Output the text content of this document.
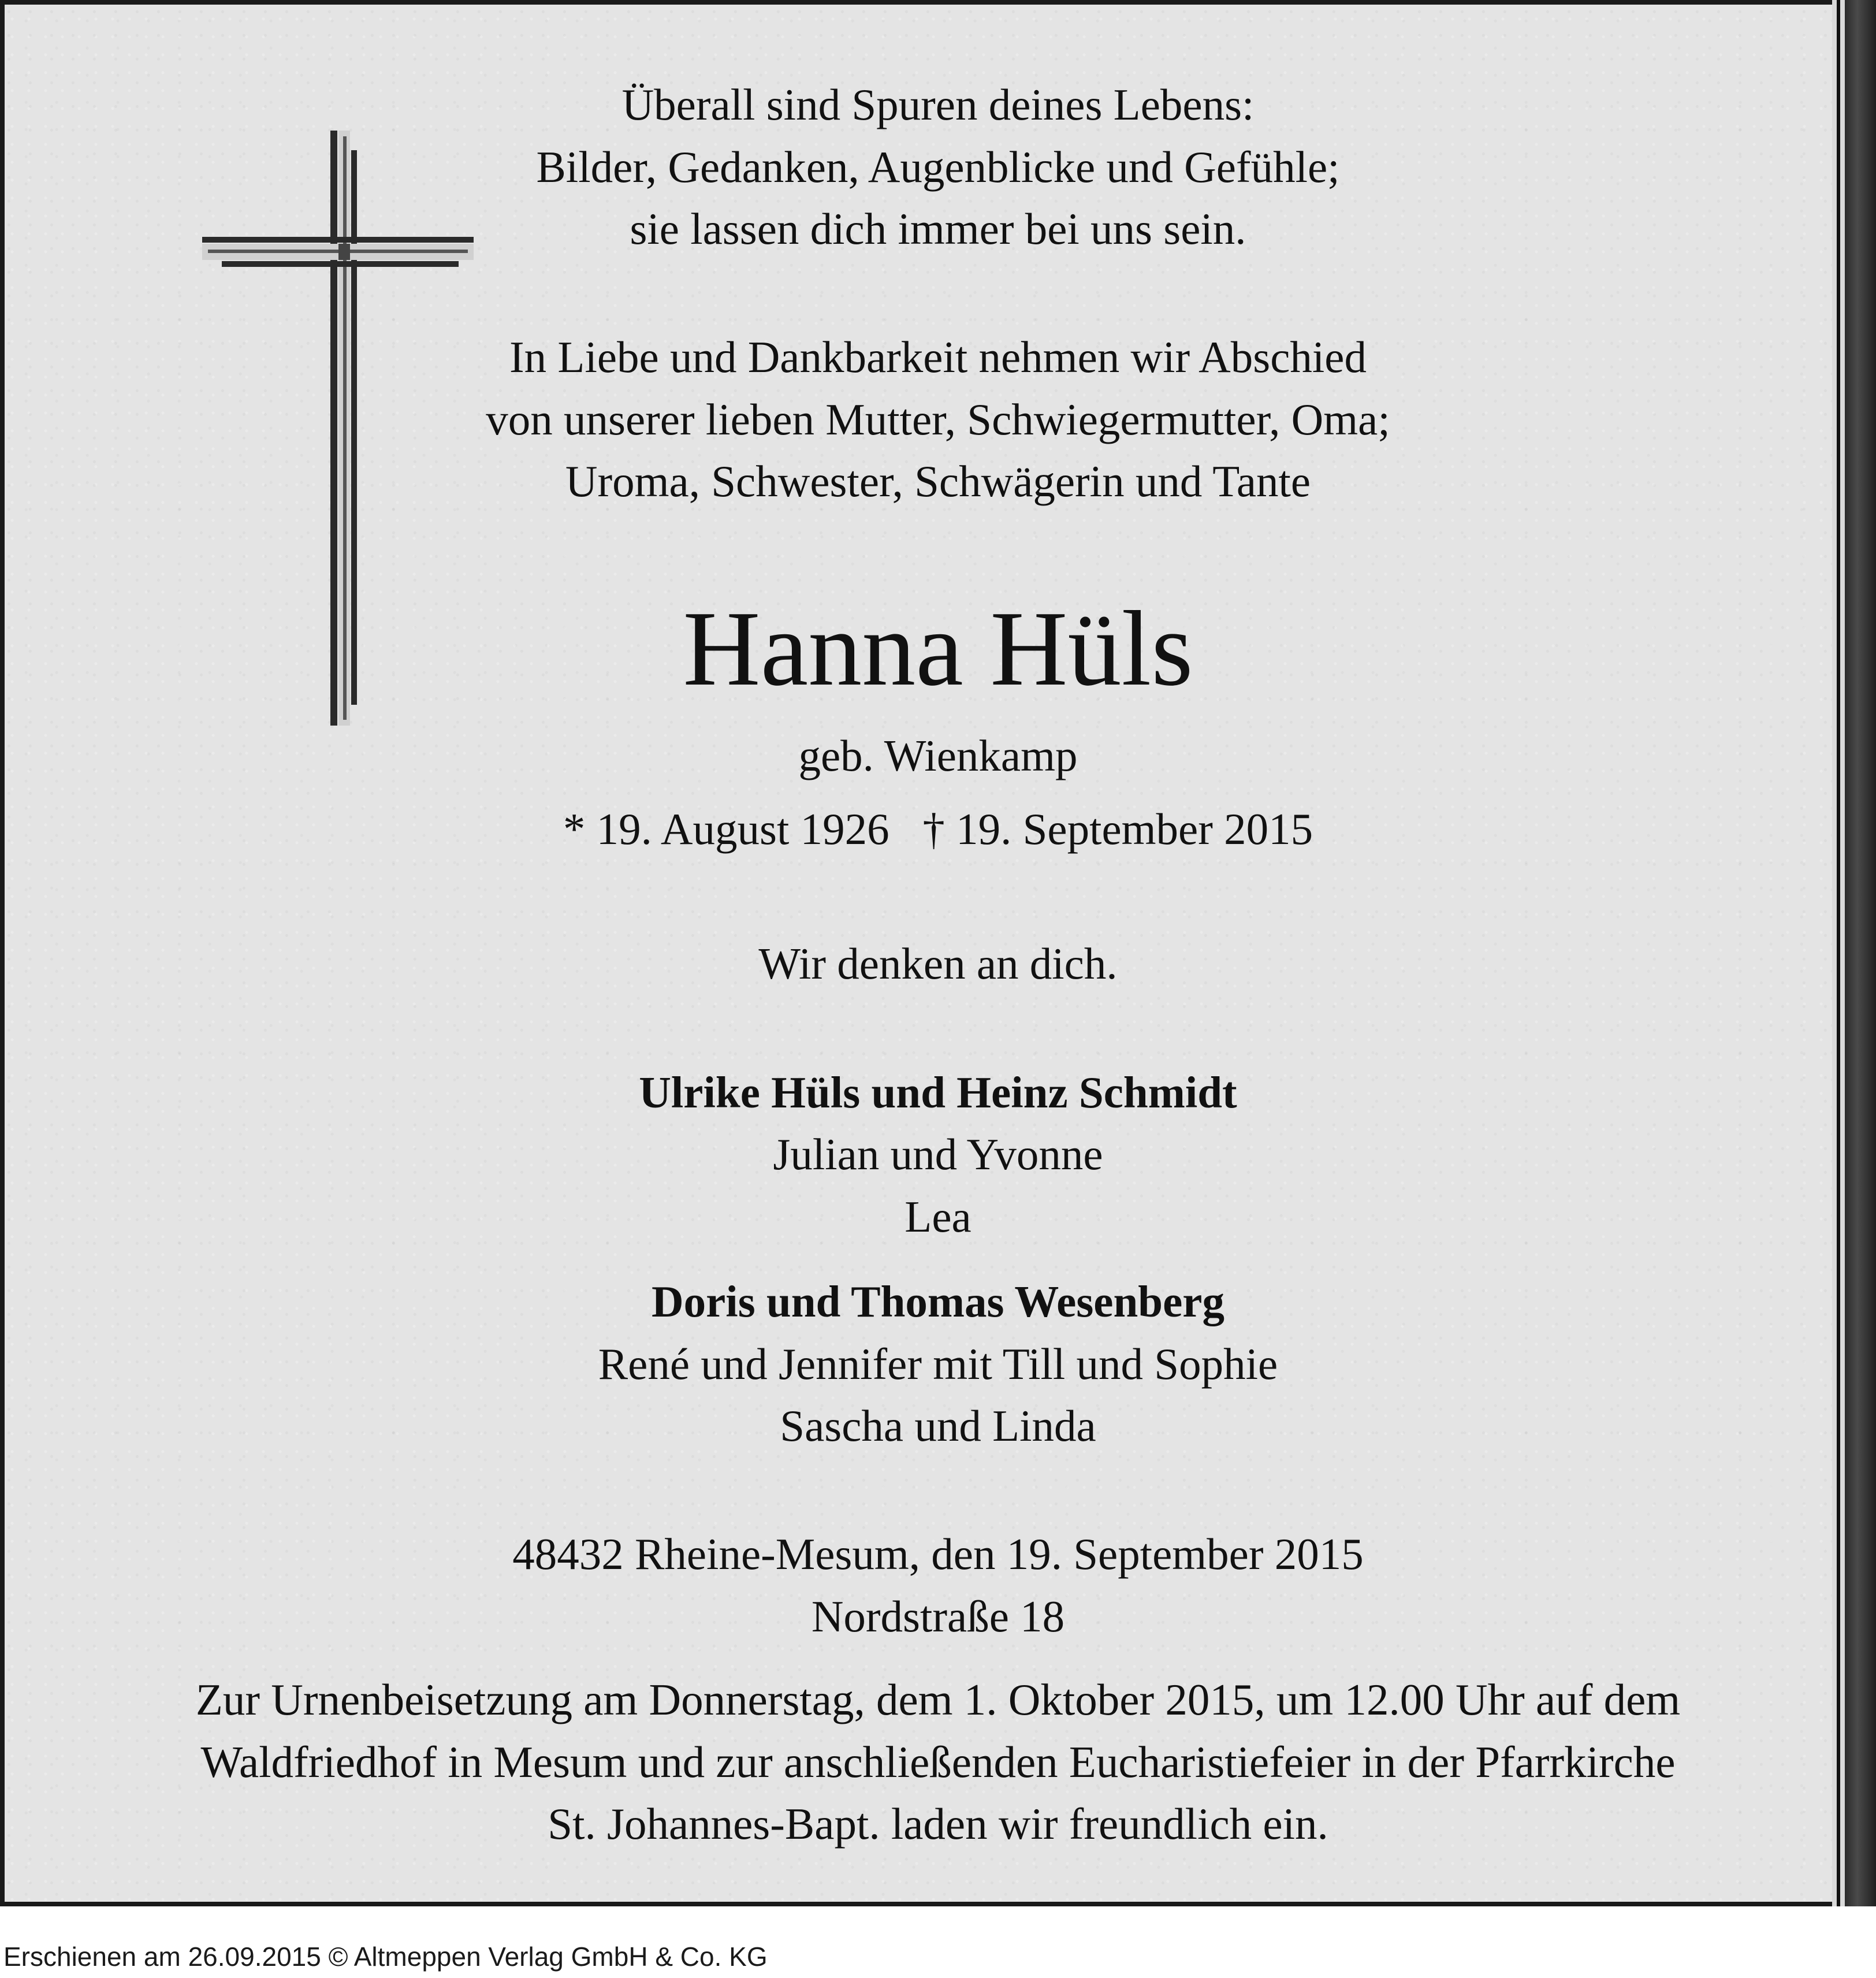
Überall sind Spuren deines Lebens:
Bilder, Gedanken, Augenblicke und Gefühle;
sie lassen dich immer bei uns sein.
In Liebe und Dankbarkeit nehmen wir Abschied
von unserer lieben Mutter, Schwiegermutter, Oma;
Uroma, Schwester, Schwägerin und Tante
Hanna Hüls
geb. Wienkamp
* 19. August 1926   † 19. September 2015
Wir denken an dich.
Ulrike Hüls und Heinz Schmidt
Julian und Yvonne
Lea
Doris und Thomas Wesenberg
René und Jennifer mit Till und Sophie
Sascha und Linda
48432 Rheine-Mesum, den 19. September 2015
Nordstraße 18
Zur Urnenbeisetzung am Donnerstag, dem 1. Oktober 2015, um 12.00 Uhr auf dem
Waldfriedhof in Mesum und zur anschließenden Eucharistiefeier in der Pfarrkirche
St. Johannes-Bapt. laden wir freundlich ein.
Erschienen am 26.09.2015 © Altmeppen Verlag GmbH & Co. KG
